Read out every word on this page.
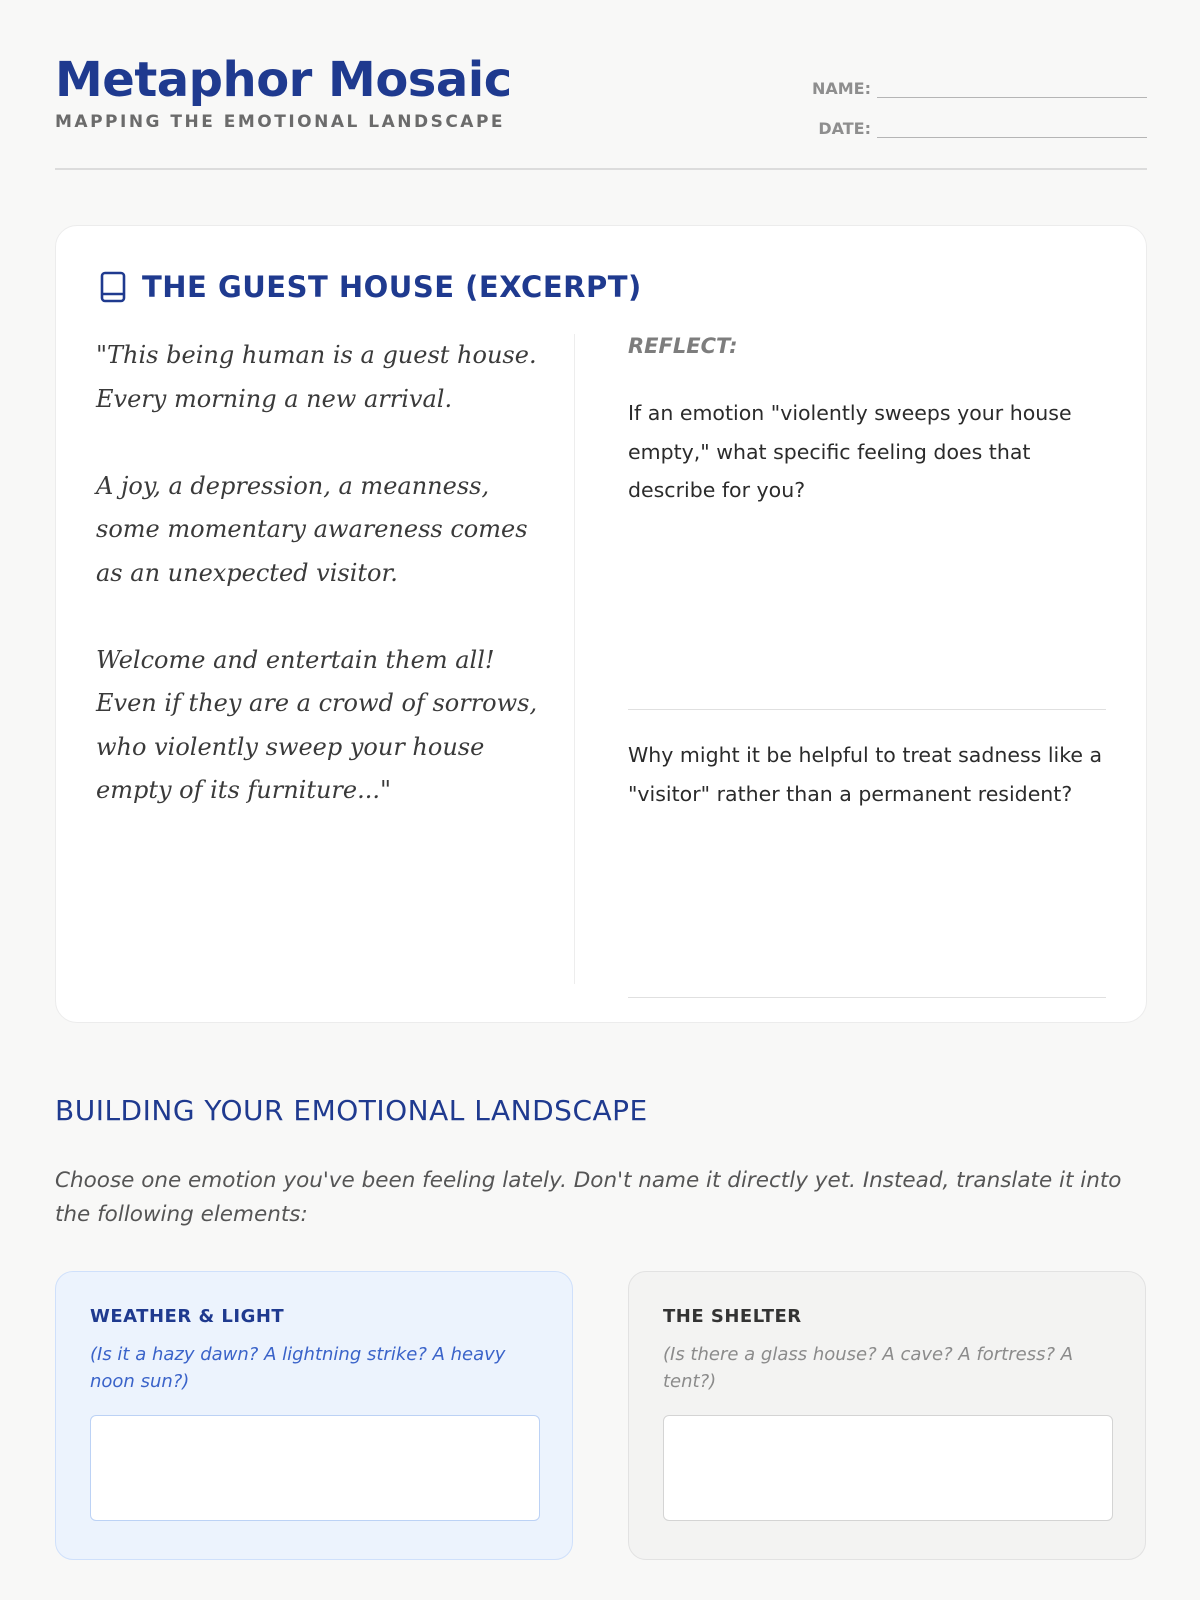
Metaphor Mosaic
MAPPING THE EMOTIONAL LANDSCAPE
NAME:
DATE:
THE GUEST HOUSE (EXCERPT)
"This being human is a guest house.
Every morning a new arrival.

A joy, a depression, a meanness,
some momentary awareness comes
as an unexpected visitor.

Welcome and entertain them all!
Even if they are a crowd of sorrows,
who violently sweep your house
empty of its furniture..."
REFLECT:
If an emotion "violently sweeps your house empty," what specific feeling does that describe for you?
Why might it be helpful to treat sadness like a "visitor" rather than a permanent resident?
BUILDING YOUR EMOTIONAL LANDSCAPE
Choose one emotion you've been feeling lately. Don't name it directly yet. Instead, translate it into the following elements:
WEATHER & LIGHT
(Is it a hazy dawn? A lightning strike? A heavy noon sun?)
THE SHELTER
(Is there a glass house? A cave? A fortress? A tent?)
